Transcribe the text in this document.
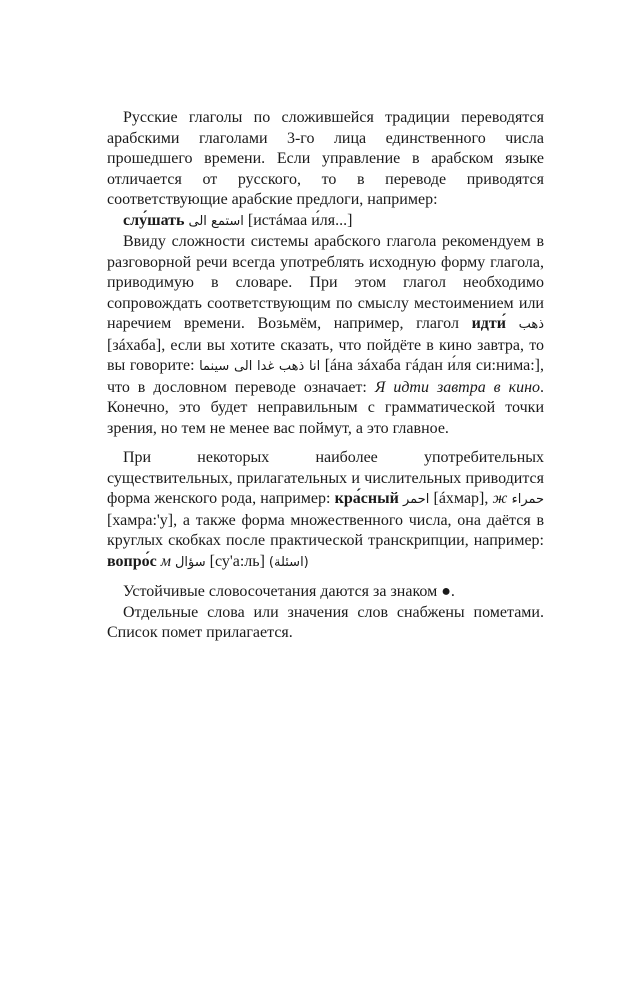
 Русские глаголы по сложившейся традиции переводятся арабскими глаголами 3-го лица единственного числа прошедшего времени. Если управление в арабском языке отличается от русского, то в переводе приводятся соответствующие арабские предлоги, например:

 слу́шать استمع الى [истáмаа и́ля...]

 Ввиду сложности системы арабского глагола рекомендуем в разговорной речи всегда употреблять исходную форму глагола, приводимую в словаре. При этом глагол необходимо сопровождать соответствующим по смыслу местоимением или наречием времени. Возьмём, например, глагол идти́ ذهب [зáхаба], если вы хотите сказать, что пойдёте в кино завтра, то вы говорите: انا ذهب غدا الى سينما [áна зáхаба гáдан и́ля си:нима:], что в дословном переводе означает: Я идти завтра в кино. Конечно, это будет неправильным с грамматической точки зрения, но тем не менее вас поймут, а это главное.

 При некоторых наиболее употребительных существительных, прилагательных и числительных приводится форма женского рода, например: кра́сный احمر [áхмар], ж حمراء [хамра:'у], а также форма множественного числа, она даётся в круглых скобках после практической транскрипции, например: вопро́с м سؤال [су'а:ль] (اسئلة)

 Устойчивые словосочетания даются за знаком ●.

 Отдельные слова или значения слов снабжены пометами. Список помет прилагается.
